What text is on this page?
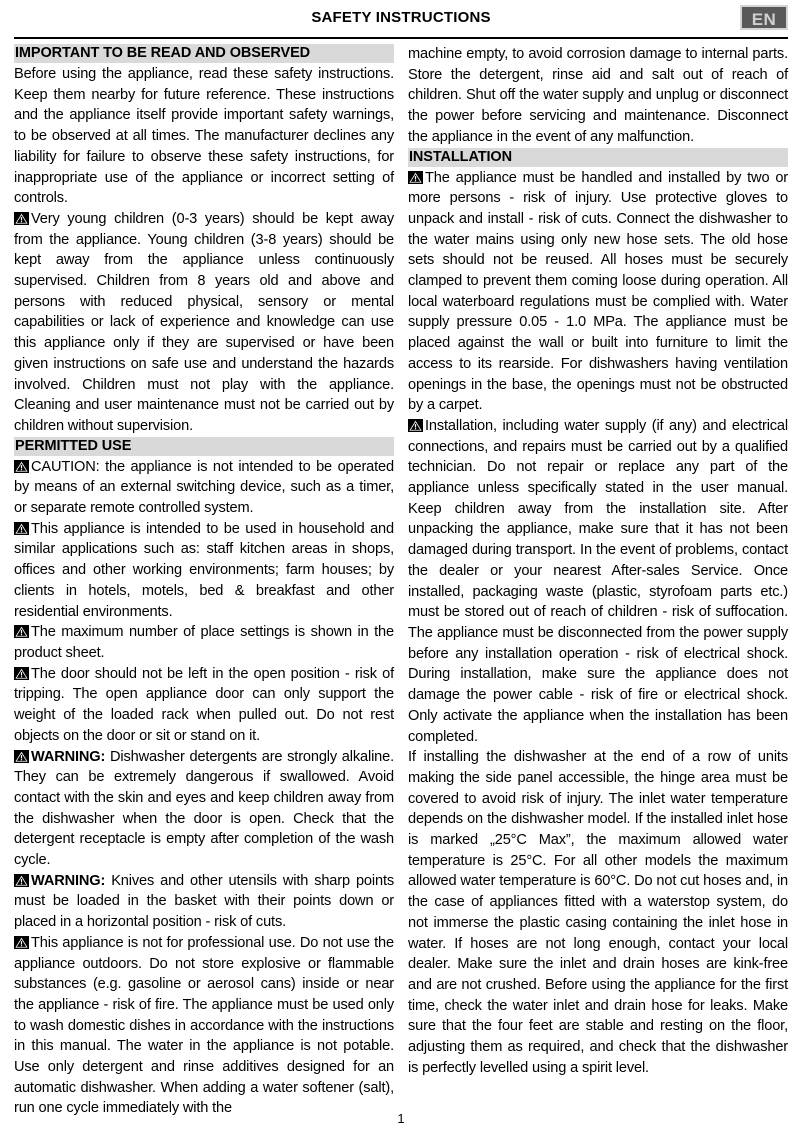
SAFETY INSTRUCTIONS	EN
IMPORTANT TO BE READ AND OBSERVED

Before using the appliance, read these safety instructions. Keep them nearby for future reference. These instructions and the appliance itself provide important safety warnings, to be observed at all times. The manufacturer declines any liability for failure to observe these safety instructions, for inappropriate use of the appliance or incorrect setting of controls.

Very young children (0-3 years) should be kept away from the appliance. Young children (3-8 years) should be kept away from the appliance unless continuously supervised. Children from 8 years old and above and persons with reduced physical, sensory or mental capabilities or lack of experience and knowledge can use this appliance only if they are supervised or have been given instructions on safe use and understand the hazards involved. Children must not play with the appliance. Cleaning and user maintenance must not be carried out by children without supervision.

PERMITTED USE

CAUTION: the appliance is not intended to be operated by means of an external switching device, such as a timer, or separate remote controlled system.

This appliance is intended to be used in household and similar applications such as: staff kitchen areas in shops, offices and other working environments; farm houses; by clients in hotels, motels, bed & breakfast and other residential environments.

The maximum number of place settings is shown in the product sheet.

The door should not be left in the open position - risk of tripping. The open appliance door can only support the weight of the loaded rack when pulled out. Do not rest objects on the door or sit or stand on it.

WARNING: Dishwasher detergents are strongly alkaline. They can be extremely dangerous if swallowed. Avoid contact with the skin and eyes and keep children away from the dishwasher when the door is open. Check that the detergent receptacle is empty after completion of the wash cycle.

WARNING: Knives and other utensils with sharp points must be loaded in the basket with their points down or placed in a horizontal position - risk of cuts.

This appliance is not for professional use. Do not use the appliance outdoors. Do not store explosive or flammable substances (e.g. gasoline or aerosol cans) inside or near the appliance - risk of fire. The appliance must be used only to wash domestic dishes in accordance with the instructions in this manual. The water in the appliance is not potable. Use only detergent and rinse additives designed for an automatic dishwasher. When adding a water softener (salt), run one cycle immediately with the

machine empty, to avoid corrosion damage to internal parts. Store the detergent, rinse aid and salt out of reach of children. Shut off the water supply and unplug or disconnect the power before servicing and maintenance. Disconnect the appliance in the event of any malfunction.

INSTALLATION

The appliance must be handled and installed by two or more persons - risk of injury. Use protective gloves to unpack and install - risk of cuts. Connect the dishwasher to the water mains using only new hose sets. The old hose sets should not be reused. All hoses must be securely clamped to prevent them coming loose during operation. All local waterboard regulations must be complied with. Water supply pressure 0.05 - 1.0 MPa. The appliance must be placed against the wall or built into furniture to limit the access to its rearside. For dishwashers having ventilation openings in the base, the openings must not be obstructed by a carpet.

Installation, including water supply (if any) and electrical connections, and repairs must be carried out by a qualified technician. Do not repair or replace any part of the appliance unless specifically stated in the user manual. Keep children away from the installation site. After unpacking the appliance, make sure that it has not been damaged during transport. In the event of problems, contact the dealer or your nearest After-sales Service. Once installed, packaging waste (plastic, styrofoam parts etc.) must be stored out of reach of children - risk of suffocation. The appliance must be disconnected from the power supply before any installation operation - risk of electrical shock. During installation, make sure the appliance does not damage the power cable - risk of fire or electrical shock. Only activate the appliance when the installation has been completed.

If installing the dishwasher at the end of a row of units making the side panel accessible, the hinge area must be covered to avoid risk of injury. The inlet water temperature depends on the dishwasher model. If the installed inlet hose is marked „25°C Max”, the maximum allowed water temperature is 25°C. For all other models the maximum allowed water temperature is 60°C. Do not cut hoses and, in the case of appliances fitted with a waterstop system, do not immerse the plastic casing containing the inlet hose in water. If hoses are not long enough, contact your local dealer. Make sure the inlet and drain hoses are kink-free and are not crushed. Before using the appliance for the first time, check the water inlet and drain hose for leaks. Make sure that the four feet are stable and resting on the floor, adjusting them as required, and check that the dishwasher is perfectly levelled using a spirit level.

1
